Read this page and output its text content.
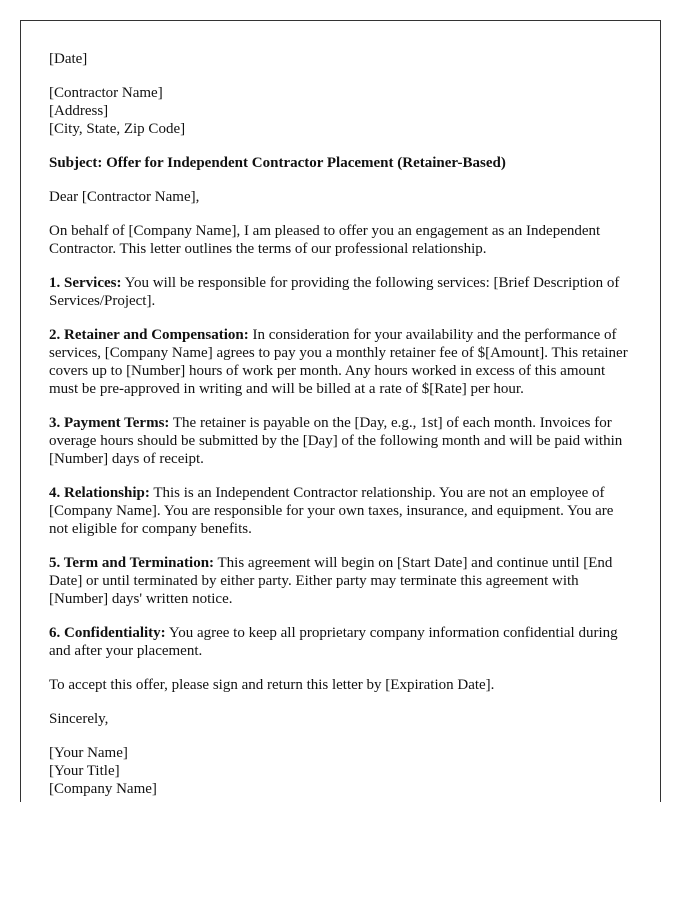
[Date]

[Contractor Name]
[Address]
[City, State, Zip Code]

Subject: Offer for Independent Contractor Placement (Retainer-Based)

Dear [Contractor Name],

On behalf of [Company Name], I am pleased to offer you an engagement as an Independent Contractor. This letter outlines the terms of our professional relationship.

1. Services: You will be responsible for providing the following services: [Brief Description of Services/Project].

2. Retainer and Compensation: In consideration for your availability and the performance of services, [Company Name] agrees to pay you a monthly retainer fee of $[Amount]. This retainer covers up to [Number] hours of work per month. Any hours worked in excess of this amount must be pre-approved in writing and will be billed at a rate of $[Rate] per hour.

3. Payment Terms: The retainer is payable on the [Day, e.g., 1st] of each month. Invoices for overage hours should be submitted by the [Day] of the following month and will be paid within [Number] days of receipt.

4. Relationship: This is an Independent Contractor relationship. You are not an employee of [Company Name]. You are responsible for your own taxes, insurance, and equipment. You are not eligible for company benefits.

5. Term and Termination: This agreement will begin on [Start Date] and continue until [End Date] or until terminated by either party. Either party may terminate this agreement with [Number] days' written notice.

6. Confidentiality: You agree to keep all proprietary company information confidential during and after your placement.

To accept this offer, please sign and return this letter by [Expiration Date].

Sincerely,

[Your Name]
[Your Title]
[Company Name]
